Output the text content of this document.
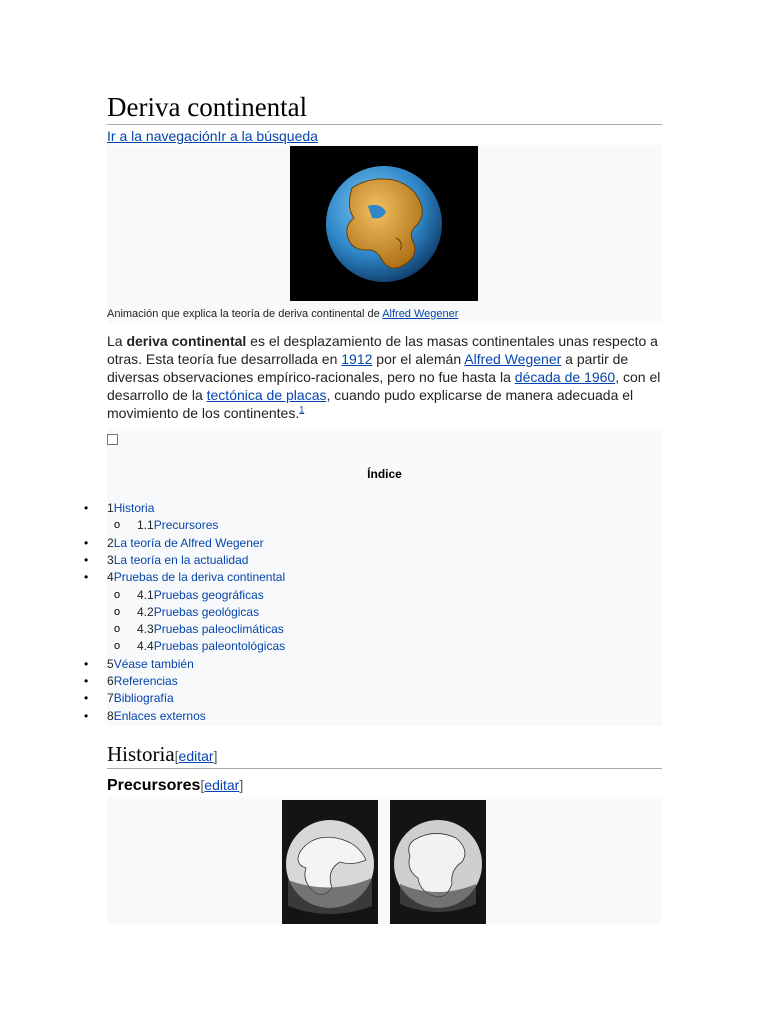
Deriva continental
Ir a la navegaciónIr a la búsqueda
Animación que explica la teoría de deriva continental de Alfred Wegener

La deriva continental es el desplazamiento de las masas continentales unas respecto a otras. Esta teoría fue desarrollada en 1912 por el alemán Alfred Wegener a partir de diversas observaciones empírico-racionales, pero no fue hasta la década de 1960, con el desarrollo de la tectónica de placas, cuando pudo explicarse de manera adecuada el movimiento de los continentes.$^1$

Índice
• 1Historia
o 1.1Precursores
• 2La teoría de Alfred Wegener
• 3La teoría en la actualidad
• 4Pruebas de la deriva continental
o 4.1Pruebas geográficas
o 4.2Pruebas geológicas
o 4.3Pruebas paleoclimáticas
o 4.4Pruebas paleontológicas
• 5Véase también
• 6Referencias
• 7Bibliografía
• 8Enlaces externos
Historia[editar]
Precursores[editar]
